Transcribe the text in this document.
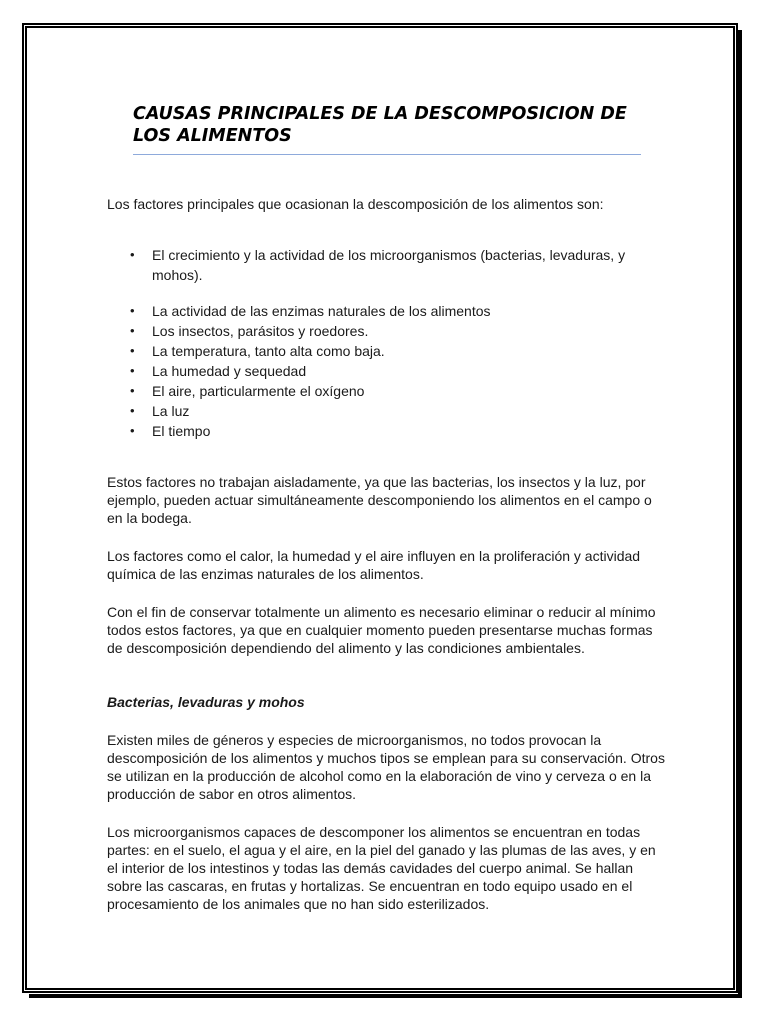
CAUSAS PRINCIPALES DE LA DESCOMPOSICION DE LOS ALIMENTOS

Los factores principales que ocasionan la descomposición de los alimentos son:

• El crecimiento y la actividad de los microorganismos (bacterias, levaduras, y mohos).
• La actividad de las enzimas naturales de los alimentos
• Los insectos, parásitos y roedores.
• La temperatura, tanto alta como baja.
• La humedad y sequedad
• El aire, particularmente el oxígeno
• La luz
• El tiempo

Estos factores no trabajan aisladamente, ya que las bacterias, los insectos y la luz, por ejemplo, pueden actuar simultáneamente descomponiendo los alimentos en el campo o en la bodega.

Los factores como el calor, la humedad y el aire influyen en la proliferación y actividad química de las enzimas naturales de los alimentos.

Con el fin de conservar totalmente un alimento es necesario eliminar o reducir al mínimo todos estos factores, ya que en cualquier momento pueden presentarse muchas formas de descomposición dependiendo del alimento y las condiciones ambientales.

Bacterias, levaduras y mohos

Existen miles de géneros y especies de microorganismos, no todos provocan la descomposición de los alimentos y muchos tipos se emplean para su conservación. Otros se utilizan en la producción de alcohol como en la elaboración de vino y cerveza o en la producción de sabor en otros alimentos.

Los microorganismos capaces de descomponer los alimentos se encuentran en todas partes: en el suelo, el agua y el aire, en la piel del ganado y las plumas de las aves, y en el interior de los intestinos y todas las demás cavidades del cuerpo animal. Se hallan sobre las cascaras, en frutas y hortalizas. Se encuentran en todo equipo usado en el procesamiento de los animales que no han sido esterilizados.
